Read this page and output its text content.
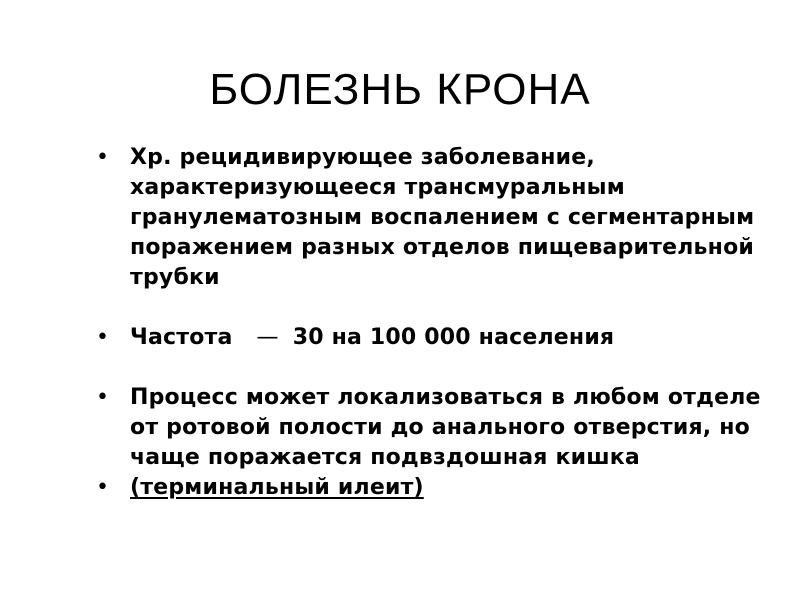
БОЛЕЗНЬ КРОНА
• Хр. рецидивирующее заболевание, характеризующееся трансмуральным гранулематозным воспалением с сегментарным поражением разных отделов пищеварительной трубки
• Частота — 30 на 100 000 населения
• Процесс может локализоваться в любом отделе от ротовой полости до анального отверстия, но чаще поражается подвздошная кишка
• (терминальный илеит)
